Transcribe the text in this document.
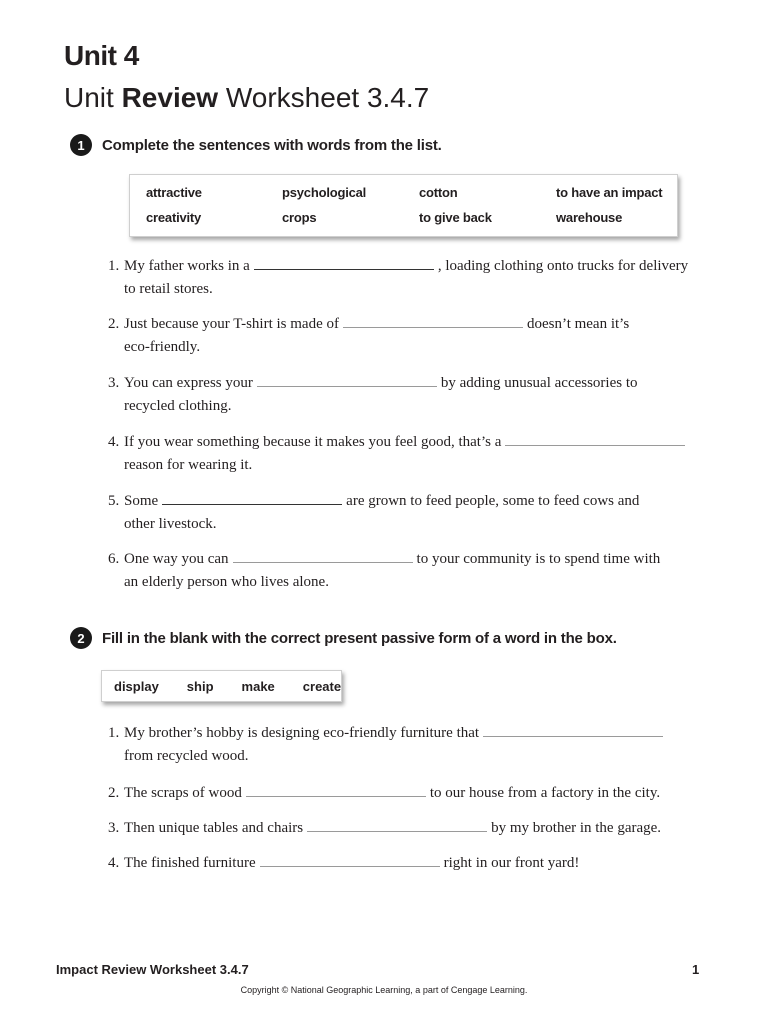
Unit 4
Unit Review Worksheet 3.4.7
1	Complete the sentences with words from the list.
attractive	psychological	cotton	to have an impact
creativity	crops	to give back	warehouse
1. My father works in a	, loading clothing onto trucks for delivery
to retail stores.
2. Just because your T-shirt is made of	doesn’t mean it’s
eco-friendly.
3. You can express your	by adding unusual accessories to
recycled clothing.
4. If you wear something because it makes you feel good, that’s a
reason for wearing it.
5. Some	are grown to feed people, some to feed cows and
other livestock.
6. One way you can	to your community is to spend time with
an elderly person who lives alone.
2	Fill in the blank with the correct present passive form of a word in the box.
display ship make create
1. My brother’s hobby is designing eco-friendly furniture that
from recycled wood.
2. The scraps of wood	to our house from a factory in the city.
3. Then unique tables and chairs	by my brother in the garage.
4. The finished furniture	right in our front yard!
Impact Review Worksheet 3.4.7	1
Copyright © National Geographic Learning, a part of Cengage Learning.
